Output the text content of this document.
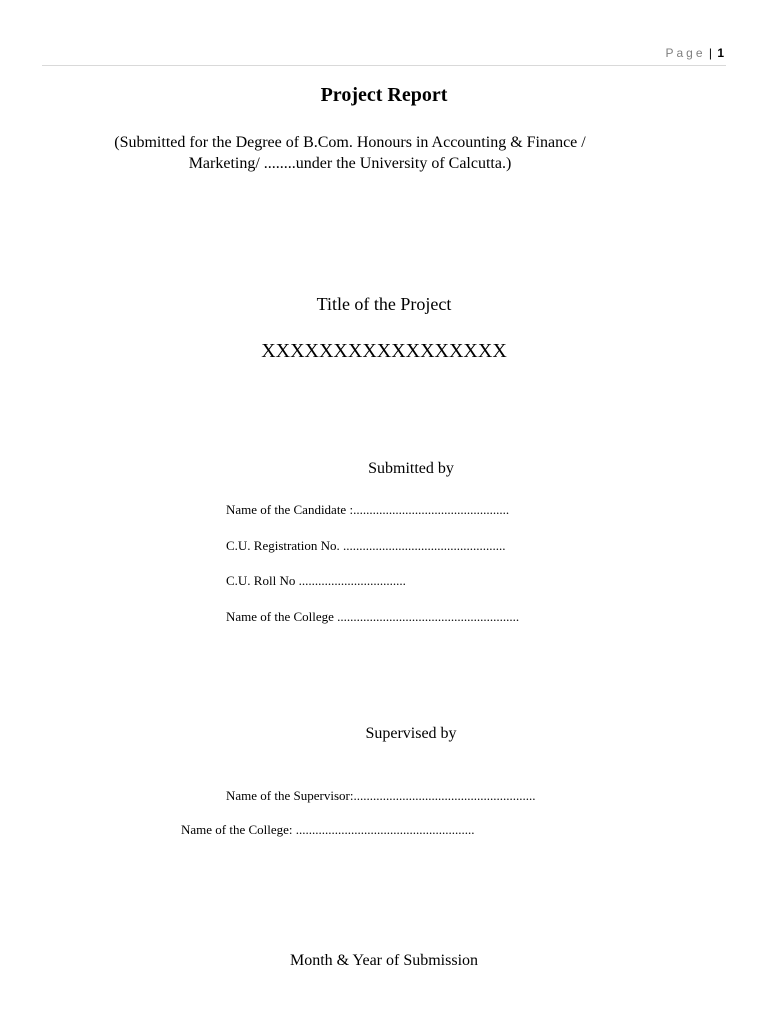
Page | 1
Project Report
(Submitted for the Degree of B.Com. Honours in Accounting & Finance /
Marketing/ ........under the University of Calcutta.)
Title of the Project
XXXXXXXXXXXXXXXXX
Submitted by
Name of the Candidate :................................................
C.U. Registration No. ..................................................
C.U. Roll No .................................
Name of the College ........................................................
Supervised by
Name of the Supervisor:........................................................
Name of the College: .......................................................
Month & Year of Submission
